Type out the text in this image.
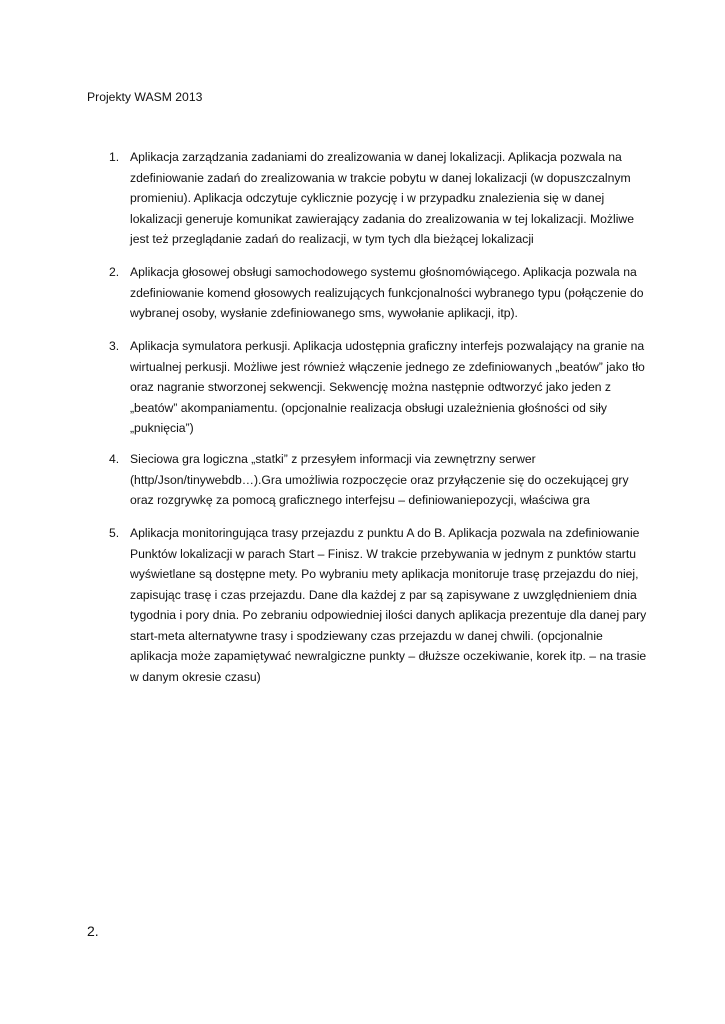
Projekty WASM 2013
1. Aplikacja zarządzania zadaniami do zrealizowania w danej lokalizacji. Aplikacja pozwala na zdefiniowanie zadań do zrealizowania w trakcie pobytu w danej lokalizacji (w dopuszczalnym promieniu). Aplikacja odczytuje cyklicznie pozycję i w przypadku znalezienia się w danej lokalizacji generuje komunikat zawierający zadania do zrealizowania w tej lokalizacji. Możliwe jest też przeglądanie zadań do realizacji, w tym tych dla bieżącej lokalizacji

2. Aplikacja głosowej obsługi samochodowego systemu głośnomówiącego. Aplikacja pozwala na zdefiniowanie komend głosowych realizujących funkcjonalności wybranego typu (połączenie do wybranej osoby, wysłanie zdefiniowanego sms, wywołanie aplikacji, itp).

3. Aplikacja symulatora perkusji. Aplikacja udostępnia graficzny interfejs pozwalający na granie na wirtualnej perkusji. Możliwe jest również włączenie jednego ze zdefiniowanych „beatów” jako tło oraz nagranie stworzonej sekwencji. Sekwencję można następnie odtworzyć jako jeden z „beatów” akompaniamentu. (opcjonalnie realizacja obsługi uzależnienia głośności od siły „puknięcia”)

4. Sieciowa gra logiczna „statki” z przesyłem informacji via zewnętrzny serwer (http/Json/tinywebdb…).Gra umożliwia rozpoczęcie oraz przyłączenie się do oczekującej gry oraz rozgrywkę za pomocą graficznego interfejsu – definiowaniepozycji, właściwa gra

5. Aplikacja monitoringująca trasy przejazdu z punktu A do B. Aplikacja pozwala na zdefiniowanie Punktów lokalizacji w parach Start – Finisz. W trakcie przebywania w jednym z punktów startu wyświetlane są dostępne mety. Po wybraniu mety aplikacja monitoruje trasę przejazdu do niej, zapisując trasę i czas przejazdu. Dane dla każdej z par są zapisywane z uwzględnieniem dnia tygodnia i pory dnia. Po zebraniu odpowiedniej ilości danych aplikacja prezentuje dla danej pary start-meta alternatywne trasy i spodziewany czas przejazdu w danej chwili. (opcjonalnie aplikacja może zapamiętywać newralgiczne punkty – dłuższe oczekiwanie, korek itp. – na trasie w danym okresie czasu)

2.
